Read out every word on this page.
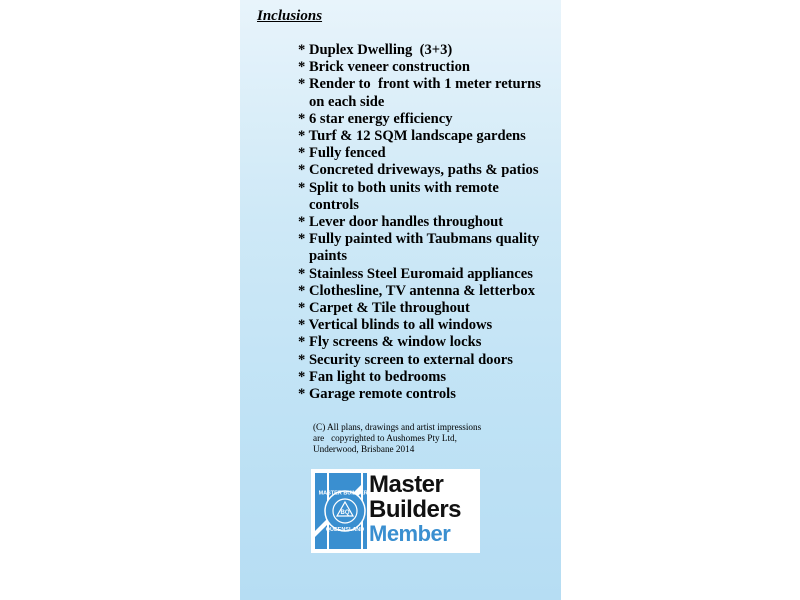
Inclusions
* Duplex Dwelling  (3+3)
* Brick veneer construction
* Render to  front with 1 meter returns
on each side
* 6 star energy efficiency
* Turf & 12 SQM landscape gardens
* Fully fenced
* Concreted driveways, paths & patios
* Split to both units with remote
controls
* Lever door handles throughout
* Fully painted with Taubmans quality
paints
* Stainless Steel Euromaid appliances
* Clothesline, TV antenna & letterbox
* Carpet & Tile throughout
* Vertical blinds to all windows
* Fly screens & window locks
* Security screen to external doors
* Fan light to bedrooms
* Garage remote controls
(C) All plans, drawings and artist impressions
are   copyrighted to Aushomes Pty Ltd,
Underwood, Brisbane 2014
BQ
MASTER BUILDERS
QUEENSLAND
Master
Builders
Member
